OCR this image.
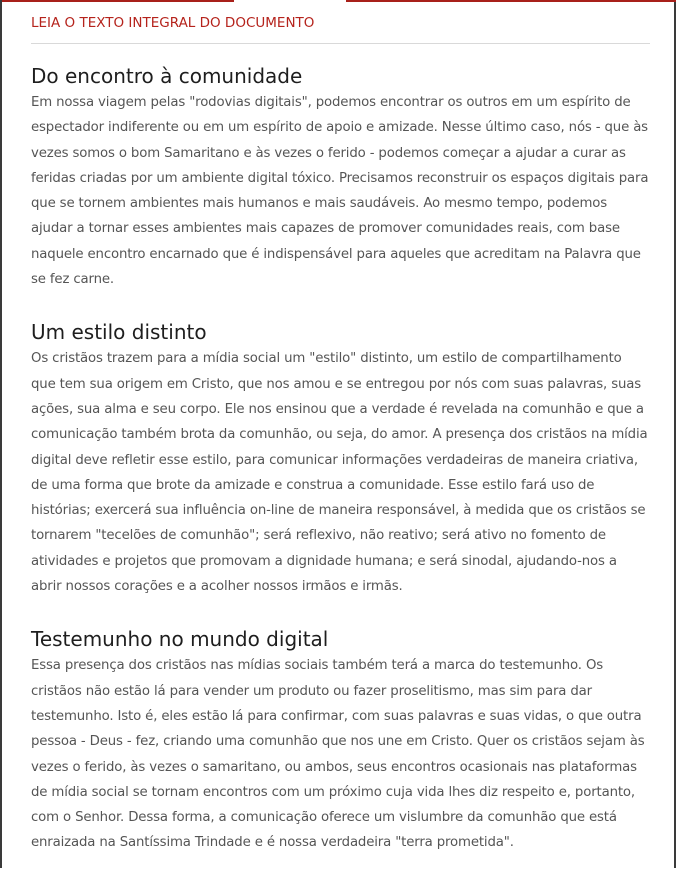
LEIA O TEXTO INTEGRAL DO DOCUMENTO
Do encontro à comunidade

Em nossa viagem pelas "rodovias digitais", podemos encontrar os outros em um espírito de espectador indiferente ou em um espírito de apoio e amizade. Nesse último caso, nós - que às vezes somos o bom Samaritano e às vezes o ferido - podemos começar a ajudar a curar as feridas criadas por um ambiente digital tóxico. Precisamos reconstruir os espaços digitais para que se tornem ambientes mais humanos e mais saudáveis. Ao mesmo tempo, podemos ajudar a tornar esses ambientes mais capazes de promover comunidades reais, com base naquele encontro encarnado que é indispensável para aqueles que acreditam na Palavra que se fez carne.

Um estilo distinto

Os cristãos trazem para a mídia social um "estilo" distinto, um estilo de compartilhamento que tem sua origem em Cristo, que nos amou e se entregou por nós com suas palavras, suas ações, sua alma e seu corpo. Ele nos ensinou que a verdade é revelada na comunhão e que a comunicação também brota da comunhão, ou seja, do amor. A presença dos cristãos na mídia digital deve refletir esse estilo, para comunicar informações verdadeiras de maneira criativa, de uma forma que brote da amizade e construa a comunidade. Esse estilo fará uso de histórias; exercerá sua influência on-line de maneira responsável, à medida que os cristãos se tornarem "tecelões de comunhão"; será reflexivo, não reativo; será ativo no fomento de atividades e projetos que promovam a dignidade humana; e será sinodal, ajudando-nos a abrir nossos corações e a acolher nossos irmãos e irmãs.

Testemunho no mundo digital

Essa presença dos cristãos nas mídias sociais também terá a marca do testemunho. Os cristãos não estão lá para vender um produto ou fazer proselitismo, mas sim para dar testemunho. Isto é, eles estão lá para confirmar, com suas palavras e suas vidas, o que outra pessoa - Deus - fez, criando uma comunhão que nos une em Cristo. Quer os cristãos sejam às vezes o ferido, às vezes o samaritano, ou ambos, seus encontros ocasionais nas plataformas de mídia social se tornam encontros com um próximo cuja vida lhes diz respeito e, portanto, com o Senhor. Dessa forma, a comunicação oferece um vislumbre da comunhão que está enraizada na Santíssima Trindade e é nossa verdadeira "terra prometida".
